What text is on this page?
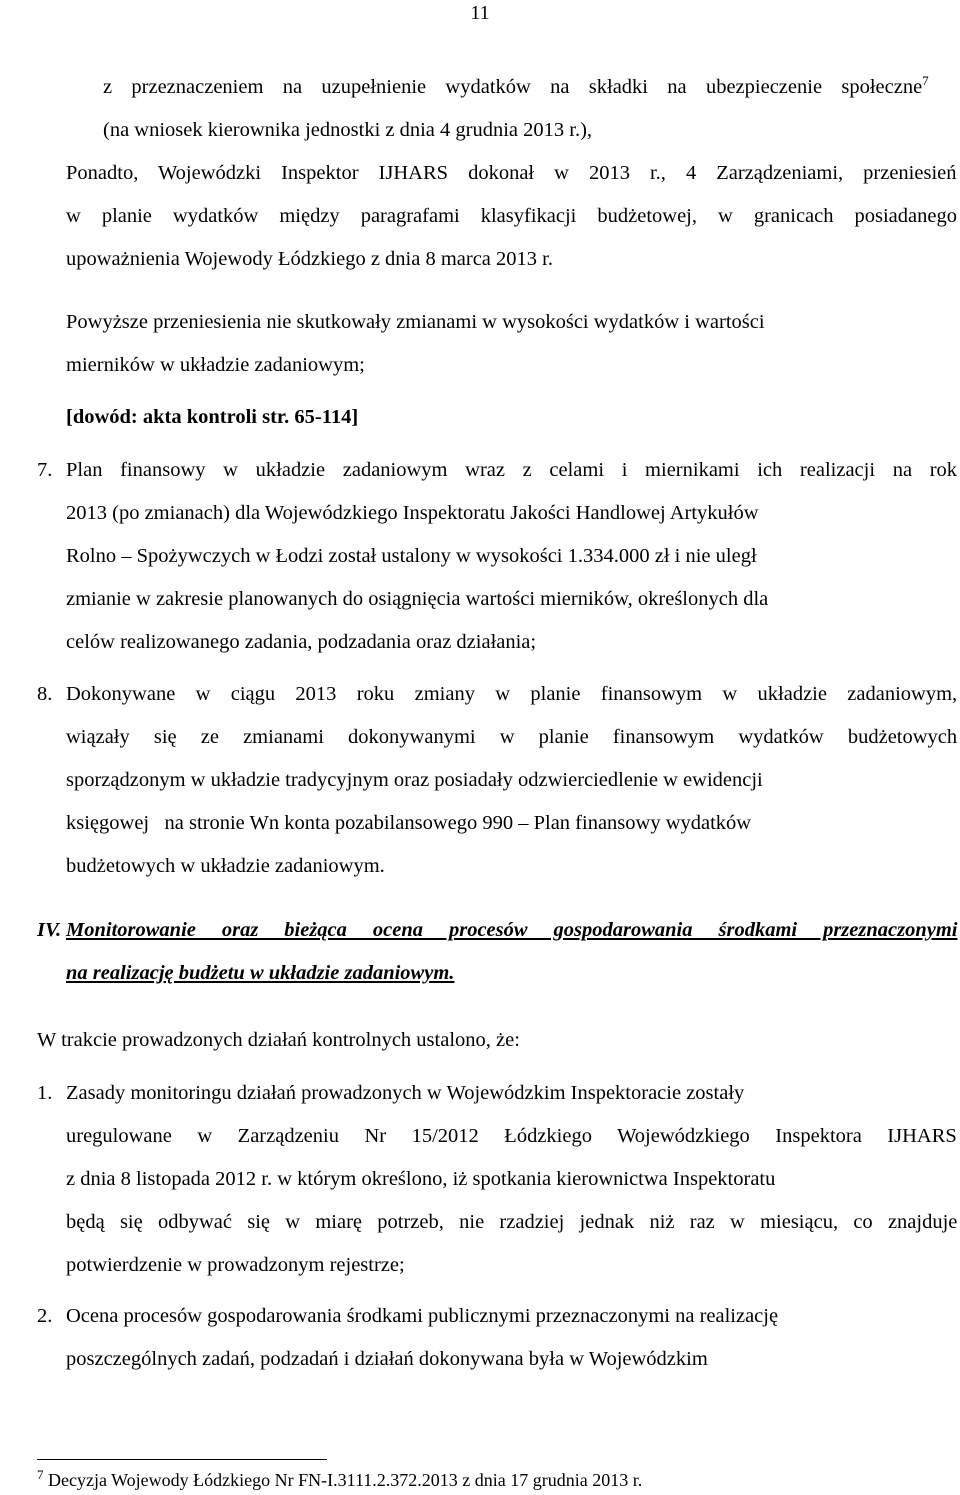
11
z przeznaczeniem na uzupełnienie wydatków na składki na ubezpieczenie społeczne$^7$
(na wniosek kierownika jednostki z dnia 4 grudnia 2013 r.),
Ponadto, Wojewódzki Inspektor IJHARS dokonał w 2013 r., 4 Zarządzeniami, przeniesień
w planie wydatków między paragrafami klasyfikacji budżetowej, w granicach posiadanego
upoważnienia Wojewody Łódzkiego z dnia 8 marca 2013 r.
Powyższe przeniesienia nie skutkowały zmianami w wysokości wydatków i wartości
mierników w układzie zadaniowym;
[dowód: akta kontroli str. 65-114]
7. Plan finansowy w układzie zadaniowym wraz z celami i miernikami ich realizacji na rok
2013 (po zmianach) dla Wojewódzkiego Inspektoratu Jakości Handlowej Artykułów
Rolno – Spożywczych w Łodzi został ustalony w wysokości 1.334.000 zł i nie uległ
zmianie w zakresie planowanych do osiągnięcia wartości mierników, określonych dla
celów realizowanego zadania, podzadania oraz działania;
8. Dokonywane w ciągu 2013 roku zmiany w planie finansowym w układzie zadaniowym,
wiązały się ze zmianami dokonywanymi w planie finansowym wydatków budżetowych
sporządzonym w układzie tradycyjnym oraz posiadały odzwierciedlenie w ewidencji
księgowej   na stronie Wn konta pozabilansowego 990 – Plan finansowy wydatków
budżetowych w układzie zadaniowym.
IV. Monitorowanie oraz bieżąca ocena procesów gospodarowania środkami przeznaczonymi
na realizację budżetu w układzie zadaniowym.
W trakcie prowadzonych działań kontrolnych ustalono, że:
1. Zasady monitoringu działań prowadzonych w Wojewódzkim Inspektoracie zostały
uregulowane w Zarządzeniu Nr 15/2012 Łódzkiego Wojewódzkiego Inspektora IJHARS
z dnia 8 listopada 2012 r. w którym określono, iż spotkania kierownictwa Inspektoratu
będą się odbywać się w miarę potrzeb, nie rzadziej jednak niż raz w miesiącu, co znajduje
potwierdzenie w prowadzonym rejestrze;
2. Ocena procesów gospodarowania środkami publicznymi przeznaczonymi na realizację
poszczególnych zadań, podzadań i działań dokonywana była w Wojewódzkim
$^7$ Decyzja Wojewody Łódzkiego Nr FN-I.3111.2.372.2013 z dnia 17 grudnia 2013 r.
